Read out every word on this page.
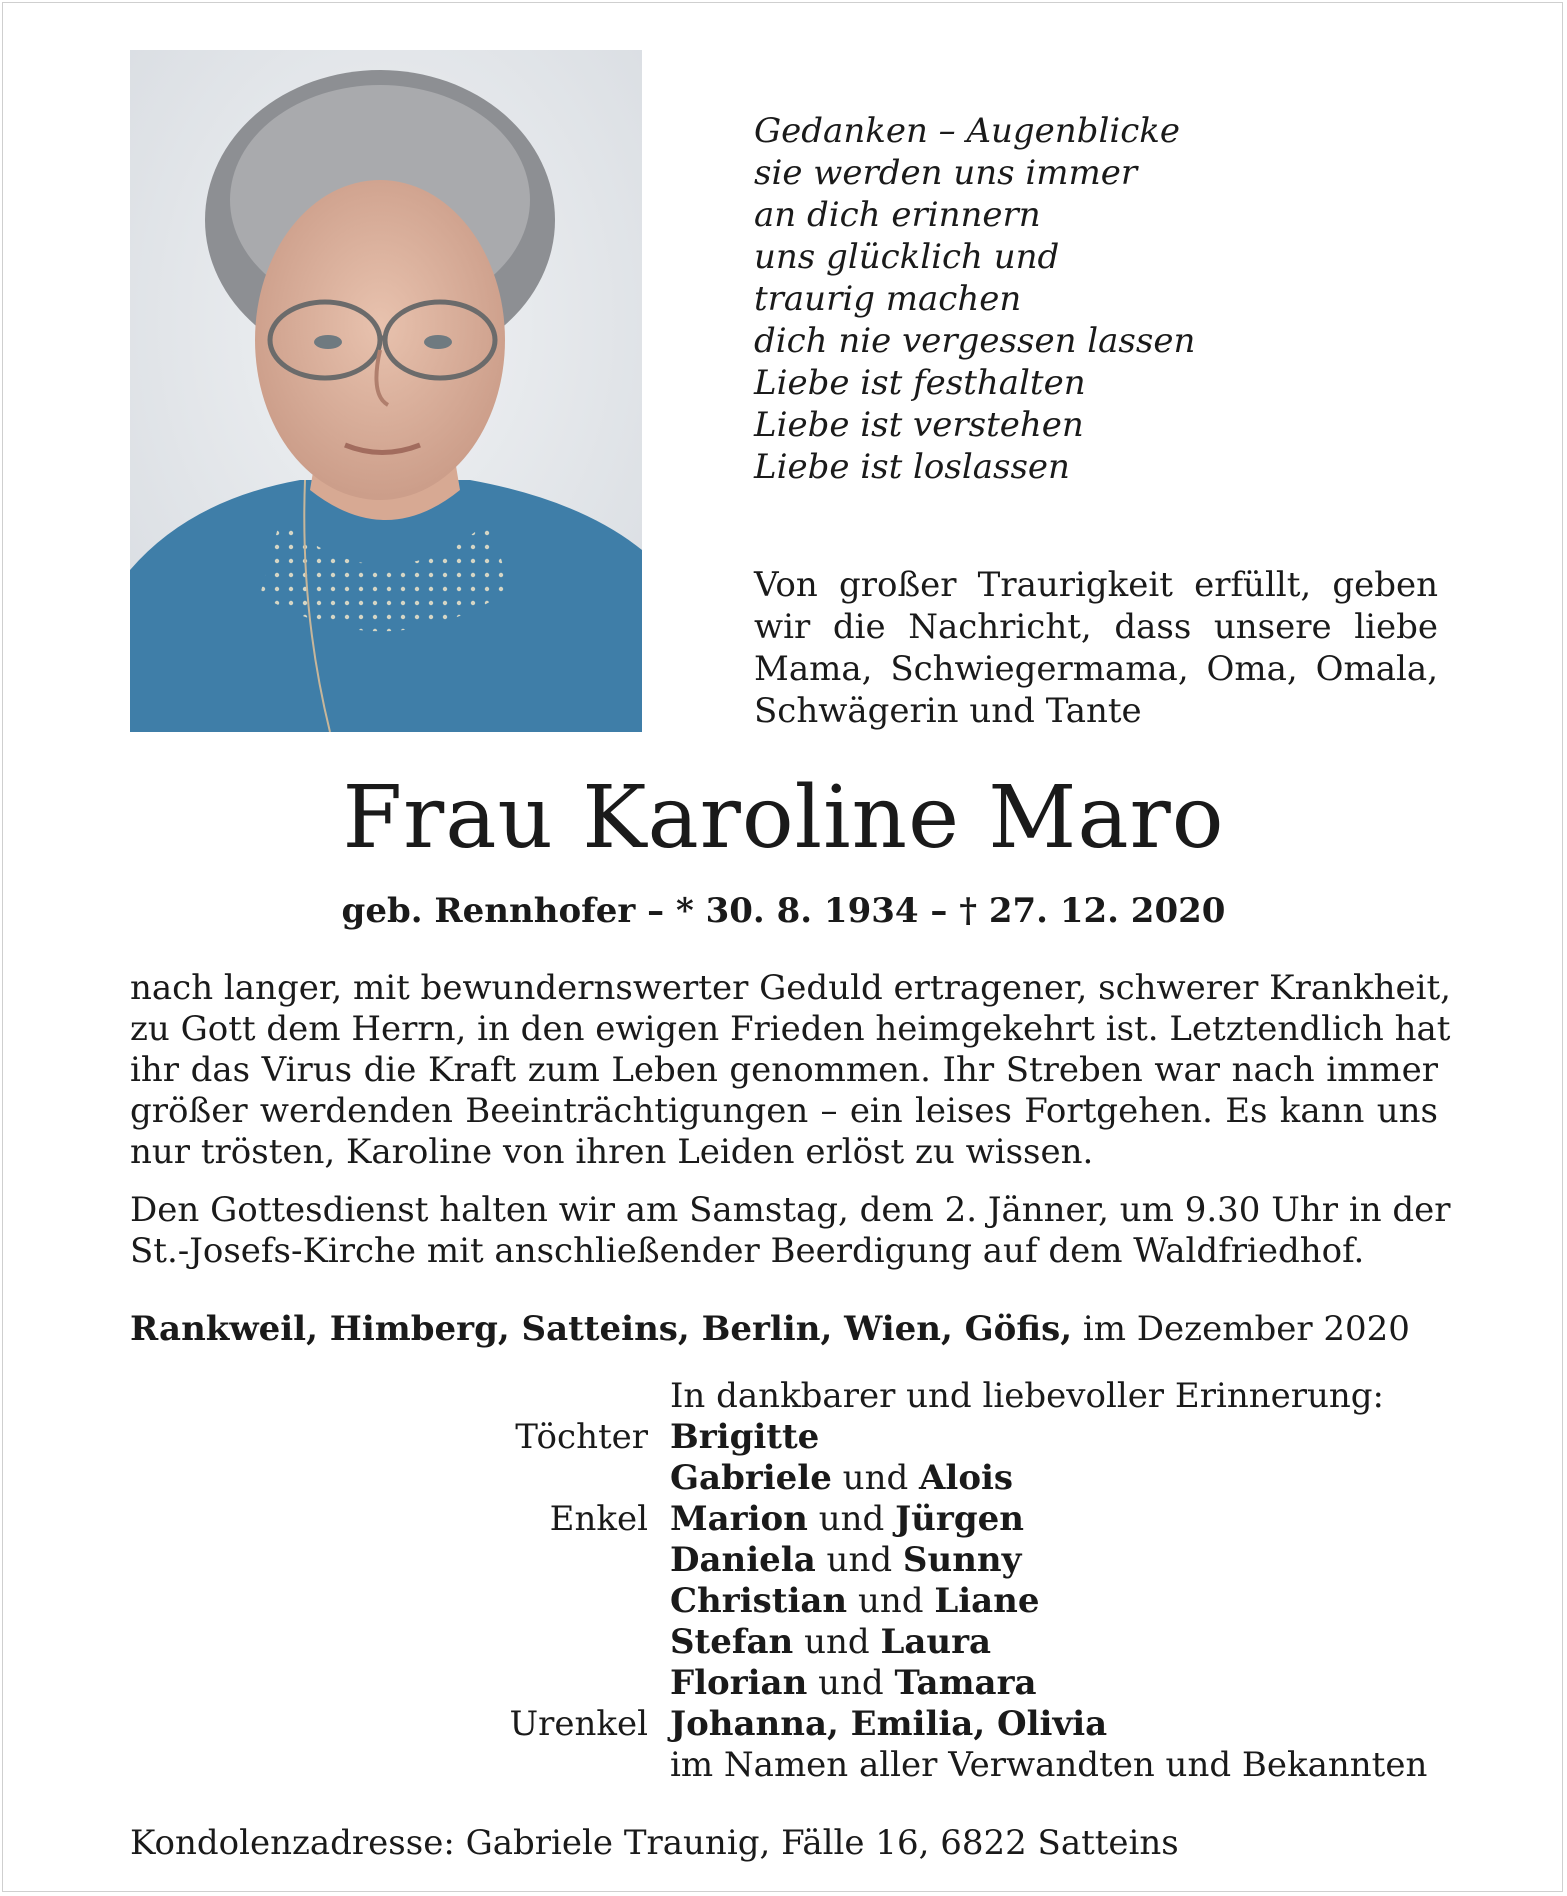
Gedanken – Augenblicke
sie werden uns immer
an dich erinnern
uns glücklich und
traurig machen
dich nie vergessen lassen
Liebe ist festhalten
Liebe ist verstehen
Liebe ist loslassen
Von großer Traurigkeit erfüllt, geben
wir die Nachricht, dass unsere liebe
Mama, Schwiegermama, Oma, Omala,
Schwägerin und Tante
Frau Karoline Maro
geb. Rennhofer – * 30. 8. 1934 – † 27. 12. 2020
nach langer, mit bewundernswerter Geduld ertragener, schwerer Krankheit,
zu Gott dem Herrn, in den ewigen Frieden heimgekehrt ist. Letztendlich hat
ihr das Virus die Kraft zum Leben genommen. Ihr Streben war nach immer
größer werdenden Beeinträchtigungen – ein leises Fortgehen. Es kann uns
nur trösten, Karoline von ihren Leiden erlöst zu wissen.
Den Gottesdienst halten wir am Samstag, dem 2. Jänner, um 9.30 Uhr in der
St.-Josefs-Kirche mit anschließender Beerdigung auf dem Waldfriedhof.
Rankweil, Himberg, Satteins, Berlin, Wien, Göfis, im Dezember 2020
In dankbarer und liebevoller Erinnerung:
Töchter Brigitte
Gabriele und Alois
Enkel Marion und Jürgen
Daniela und Sunny
Christian und Liane
Stefan und Laura
Florian und Tamara
Urenkel Johanna, Emilia, Olivia
im Namen aller Verwandten und Bekannten
Kondolenzadresse: Gabriele Traunig, Fälle 16, 6822 Satteins
